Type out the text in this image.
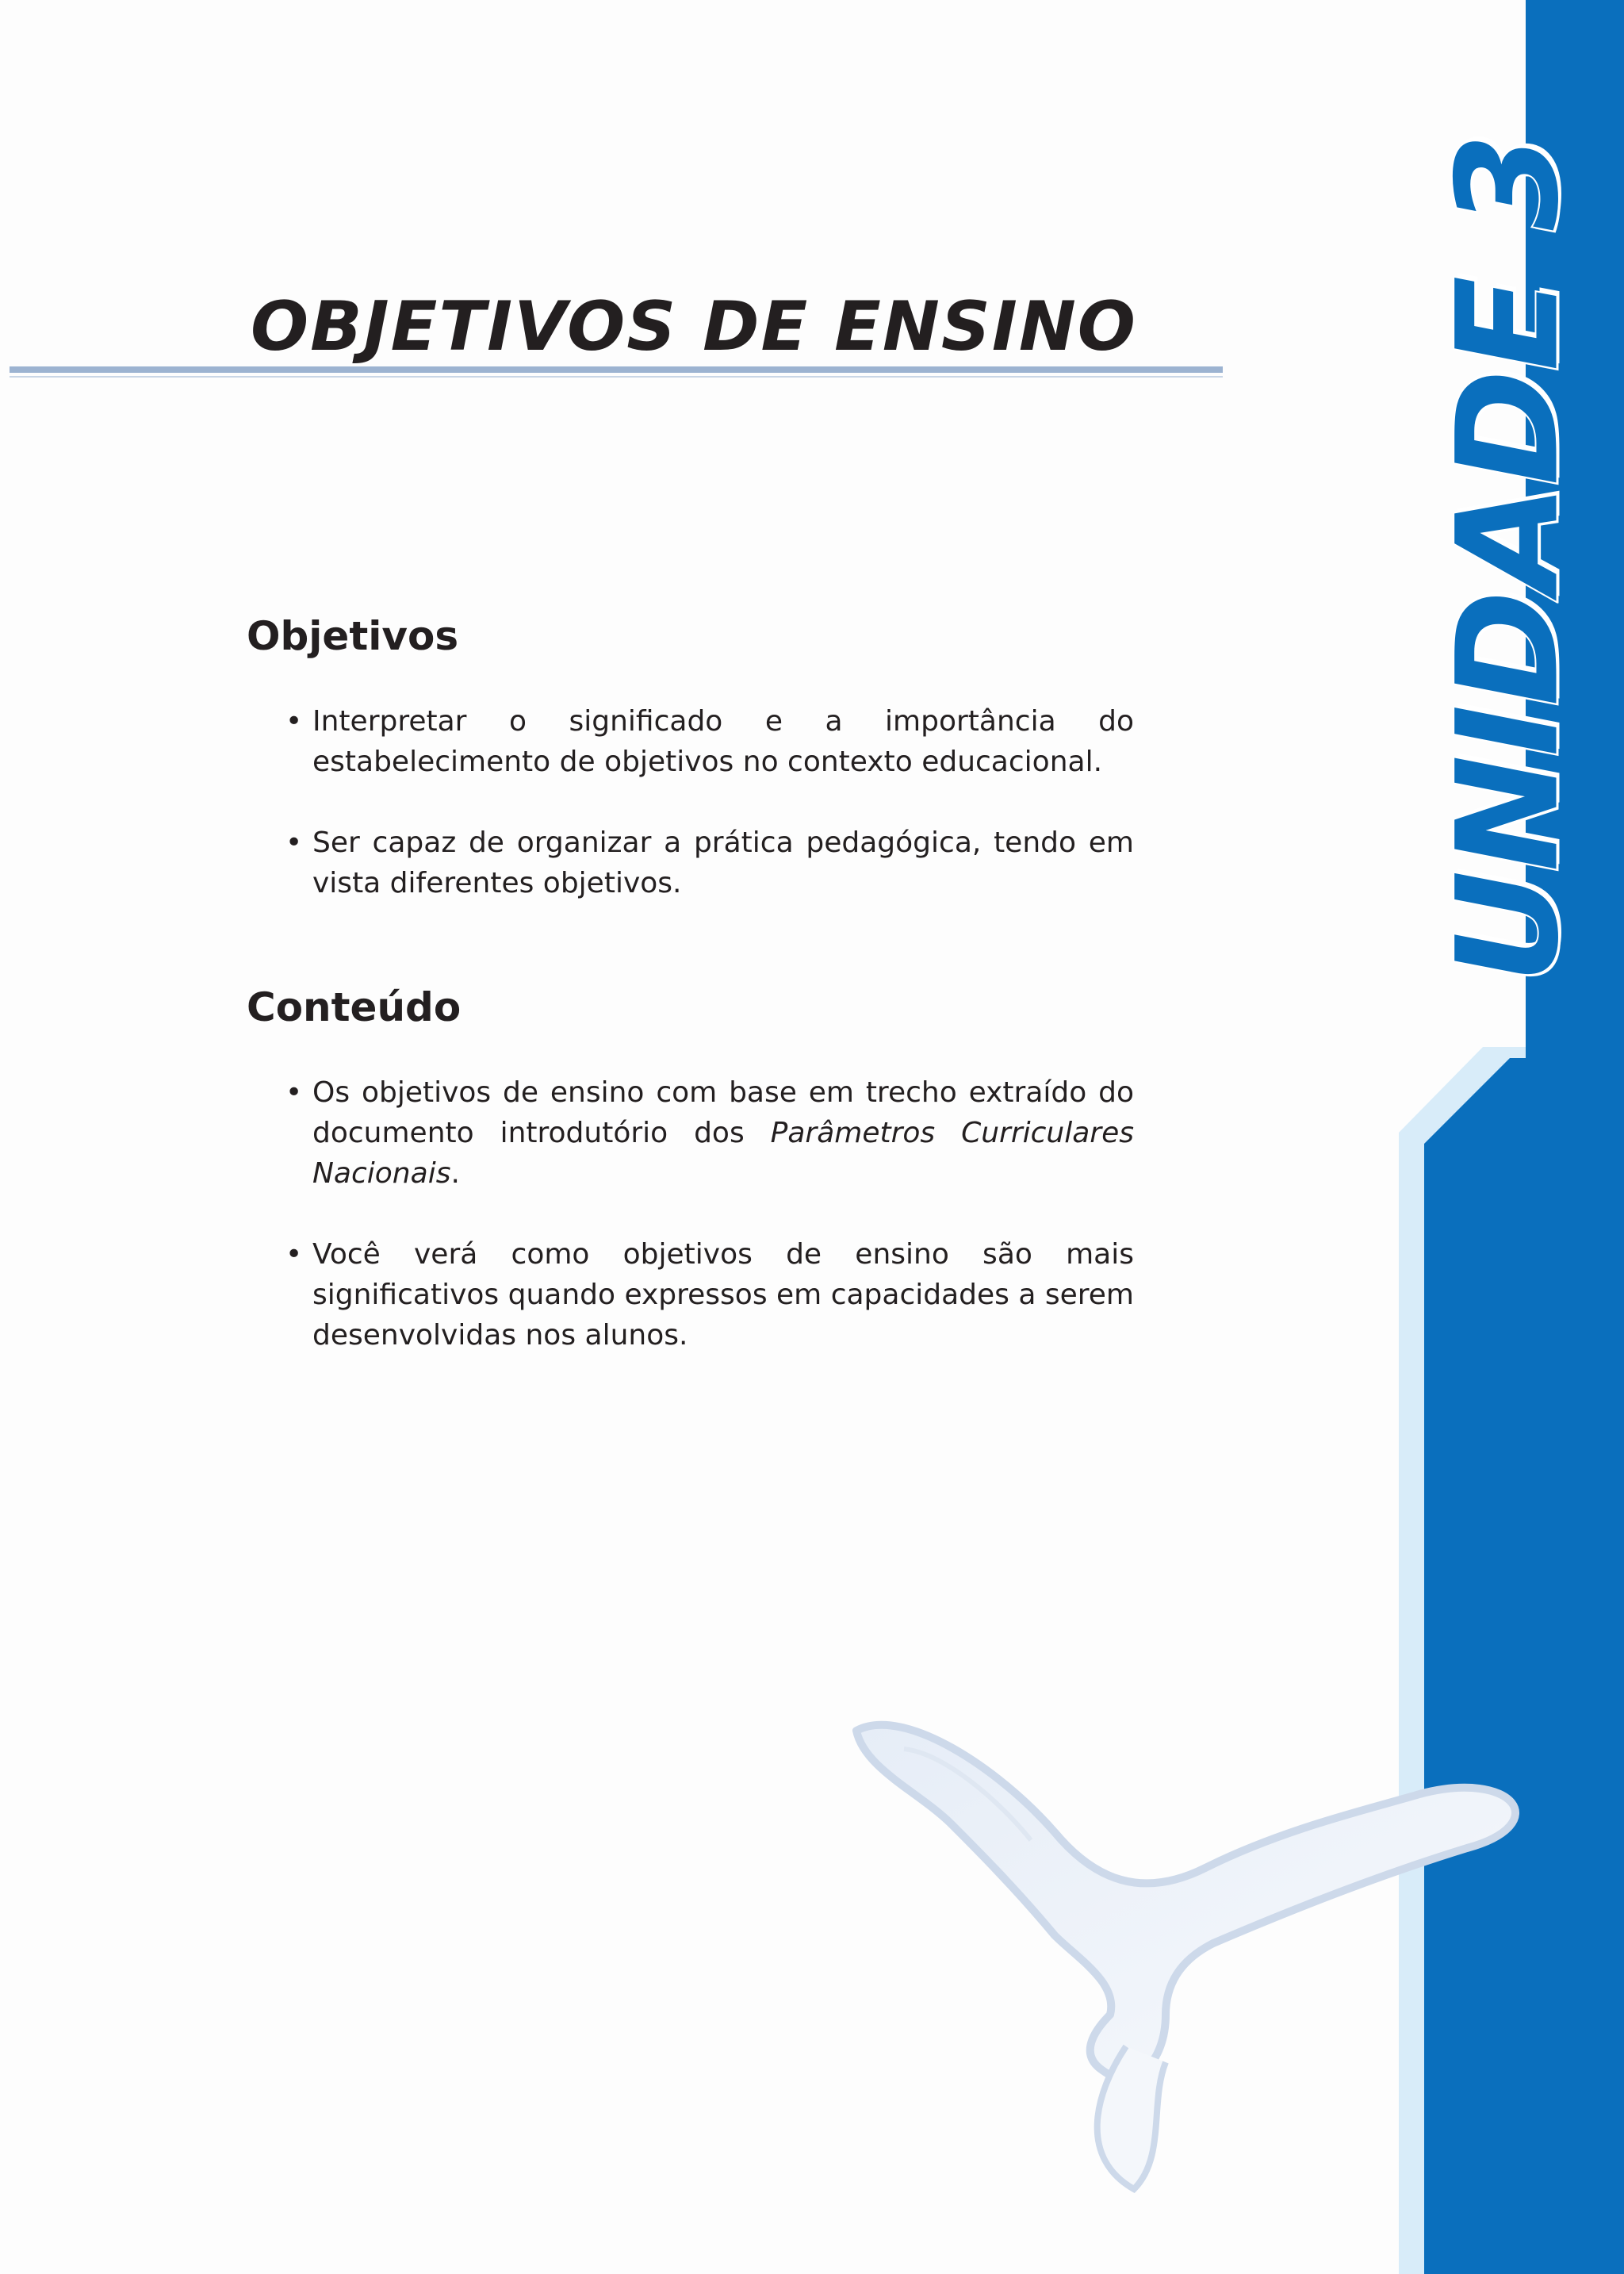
OBJETIVOS DE ENSINO
Objetivos
• Interpretar o significado e a importância do estabelecimento de objetivos no contexto educacional.
• Ser capaz de organizar a prática pedagógica, tendo em vista diferentes objetivos.
Conteúdo
• Os objetivos de ensino com base em trecho extraído do documento introdutório dos Parâmetros Curriculares Nacionais.
• Você verá como objetivos de ensino são mais significativos quando expressos em capacidades a serem desenvolvidas nos alunos.
UNIDADE 3
